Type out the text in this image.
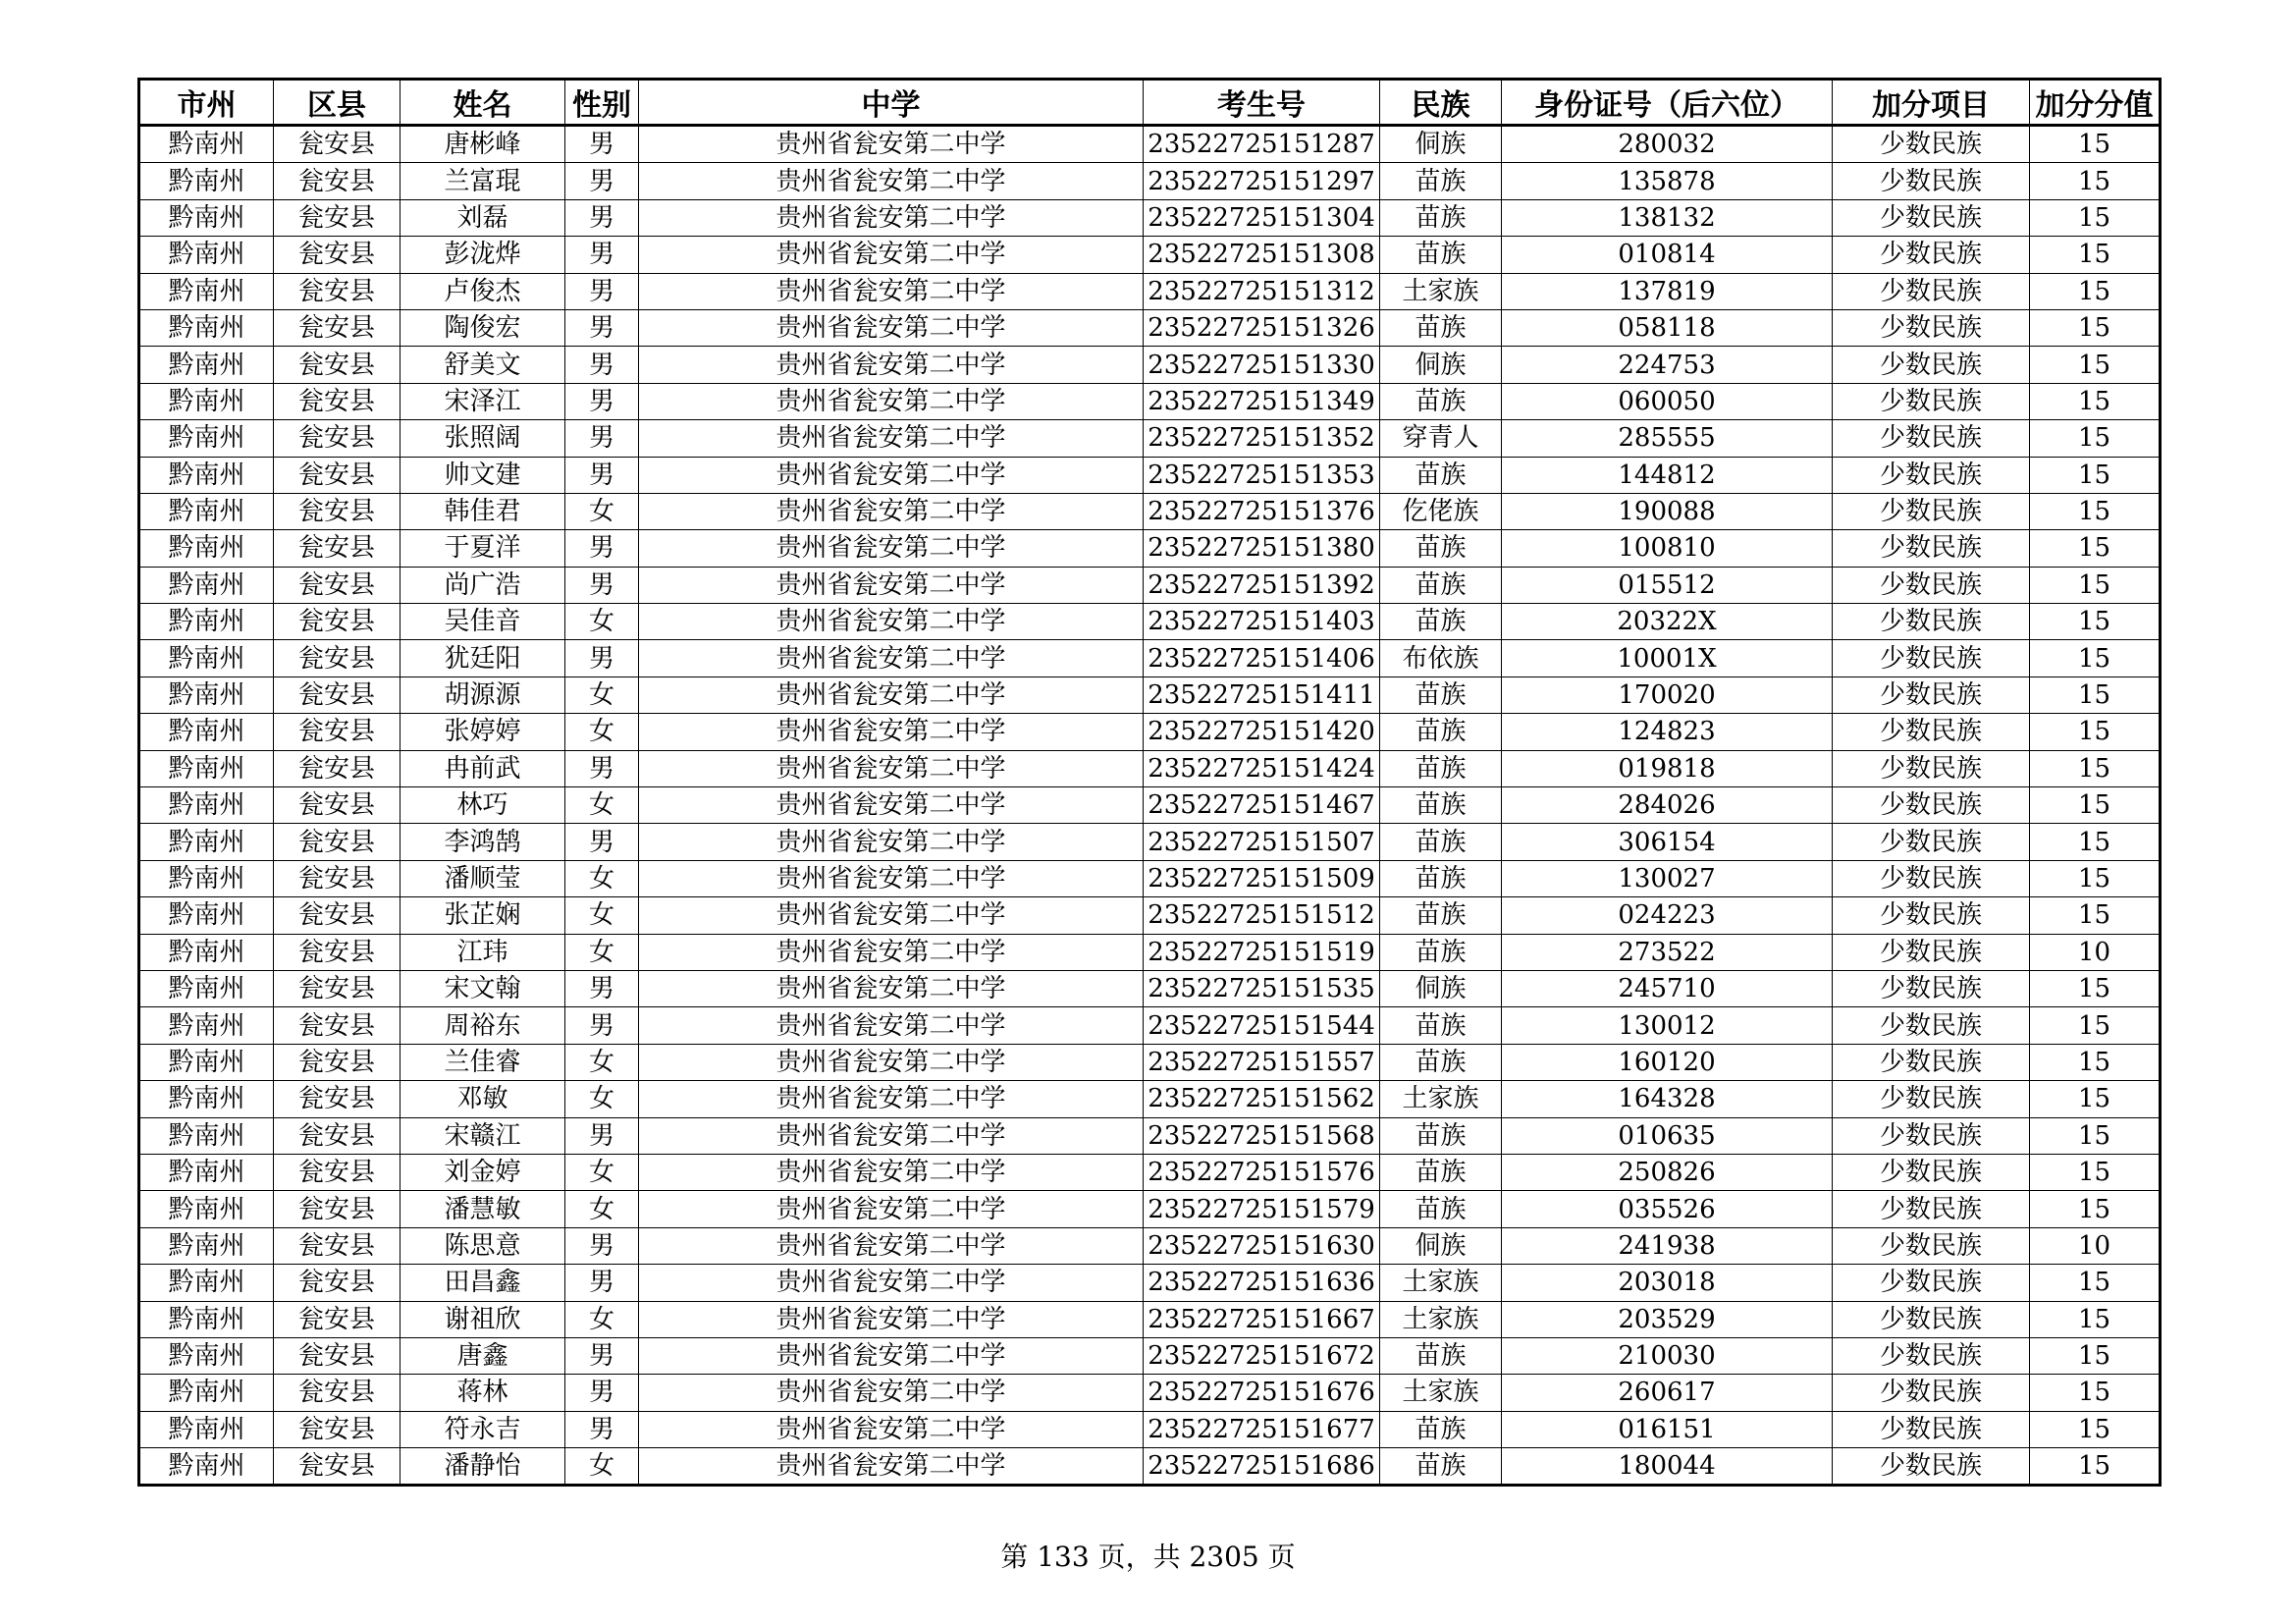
市州	区县	姓名	性别	中学	考生号	民族	身份证号（后六位）	加分项目	加分分值
黔南州	瓮安县	唐彬峰	男	贵州省瓮安第二中学	23522725151287	侗族	280032	少数民族	15
黔南州	瓮安县	兰富琨	男	贵州省瓮安第二中学	23522725151297	苗族	135878	少数民族	15
黔南州	瓮安县	刘磊	男	贵州省瓮安第二中学	23522725151304	苗族	138132	少数民族	15
黔南州	瓮安县	彭泷烨	男	贵州省瓮安第二中学	23522725151308	苗族	010814	少数民族	15
黔南州	瓮安县	卢俊杰	男	贵州省瓮安第二中学	23522725151312	土家族	137819	少数民族	15
黔南州	瓮安县	陶俊宏	男	贵州省瓮安第二中学	23522725151326	苗族	058118	少数民族	15
黔南州	瓮安县	舒美文	男	贵州省瓮安第二中学	23522725151330	侗族	224753	少数民族	15
黔南州	瓮安县	宋泽江	男	贵州省瓮安第二中学	23522725151349	苗族	060050	少数民族	15
黔南州	瓮安县	张照阔	男	贵州省瓮安第二中学	23522725151352	穿青人	285555	少数民族	15
黔南州	瓮安县	帅文建	男	贵州省瓮安第二中学	23522725151353	苗族	144812	少数民族	15
黔南州	瓮安县	韩佳君	女	贵州省瓮安第二中学	23522725151376	仡佬族	190088	少数民族	15
黔南州	瓮安县	于夏洋	男	贵州省瓮安第二中学	23522725151380	苗族	100810	少数民族	15
黔南州	瓮安县	尚广浩	男	贵州省瓮安第二中学	23522725151392	苗族	015512	少数民族	15
黔南州	瓮安县	吴佳音	女	贵州省瓮安第二中学	23522725151403	苗族	20322X	少数民族	15
黔南州	瓮安县	犹廷阳	男	贵州省瓮安第二中学	23522725151406	布依族	10001X	少数民族	15
黔南州	瓮安县	胡源源	女	贵州省瓮安第二中学	23522725151411	苗族	170020	少数民族	15
黔南州	瓮安县	张婷婷	女	贵州省瓮安第二中学	23522725151420	苗族	124823	少数民族	15
黔南州	瓮安县	冉前武	男	贵州省瓮安第二中学	23522725151424	苗族	019818	少数民族	15
黔南州	瓮安县	林巧	女	贵州省瓮安第二中学	23522725151467	苗族	284026	少数民族	15
黔南州	瓮安县	李鸿鹄	男	贵州省瓮安第二中学	23522725151507	苗族	306154	少数民族	15
黔南州	瓮安县	潘顺莹	女	贵州省瓮安第二中学	23522725151509	苗族	130027	少数民族	15
黔南州	瓮安县	张芷娴	女	贵州省瓮安第二中学	23522725151512	苗族	024223	少数民族	15
黔南州	瓮安县	江玮	女	贵州省瓮安第二中学	23522725151519	苗族	273522	少数民族	10
黔南州	瓮安县	宋文翰	男	贵州省瓮安第二中学	23522725151535	侗族	245710	少数民族	15
黔南州	瓮安县	周裕东	男	贵州省瓮安第二中学	23522725151544	苗族	130012	少数民族	15
黔南州	瓮安县	兰佳睿	女	贵州省瓮安第二中学	23522725151557	苗族	160120	少数民族	15
黔南州	瓮安县	邓敏	女	贵州省瓮安第二中学	23522725151562	土家族	164328	少数民族	15
黔南州	瓮安县	宋赣江	男	贵州省瓮安第二中学	23522725151568	苗族	010635	少数民族	15
黔南州	瓮安县	刘金婷	女	贵州省瓮安第二中学	23522725151576	苗族	250826	少数民族	15
黔南州	瓮安县	潘慧敏	女	贵州省瓮安第二中学	23522725151579	苗族	035526	少数民族	15
黔南州	瓮安县	陈思意	男	贵州省瓮安第二中学	23522725151630	侗族	241938	少数民族	10
黔南州	瓮安县	田昌鑫	男	贵州省瓮安第二中学	23522725151636	土家族	203018	少数民族	15
黔南州	瓮安县	谢祖欣	女	贵州省瓮安第二中学	23522725151667	土家族	203529	少数民族	15
黔南州	瓮安县	唐鑫	男	贵州省瓮安第二中学	23522725151672	苗族	210030	少数民族	15
黔南州	瓮安县	蒋林	男	贵州省瓮安第二中学	23522725151676	土家族	260617	少数民族	15
黔南州	瓮安县	符永吉	男	贵州省瓮安第二中学	23522725151677	苗族	016151	少数民族	15
黔南州	瓮安县	潘静怡	女	贵州省瓮安第二中学	23522725151686	苗族	180044	少数民族	15
第 133 页，共 2305 页
